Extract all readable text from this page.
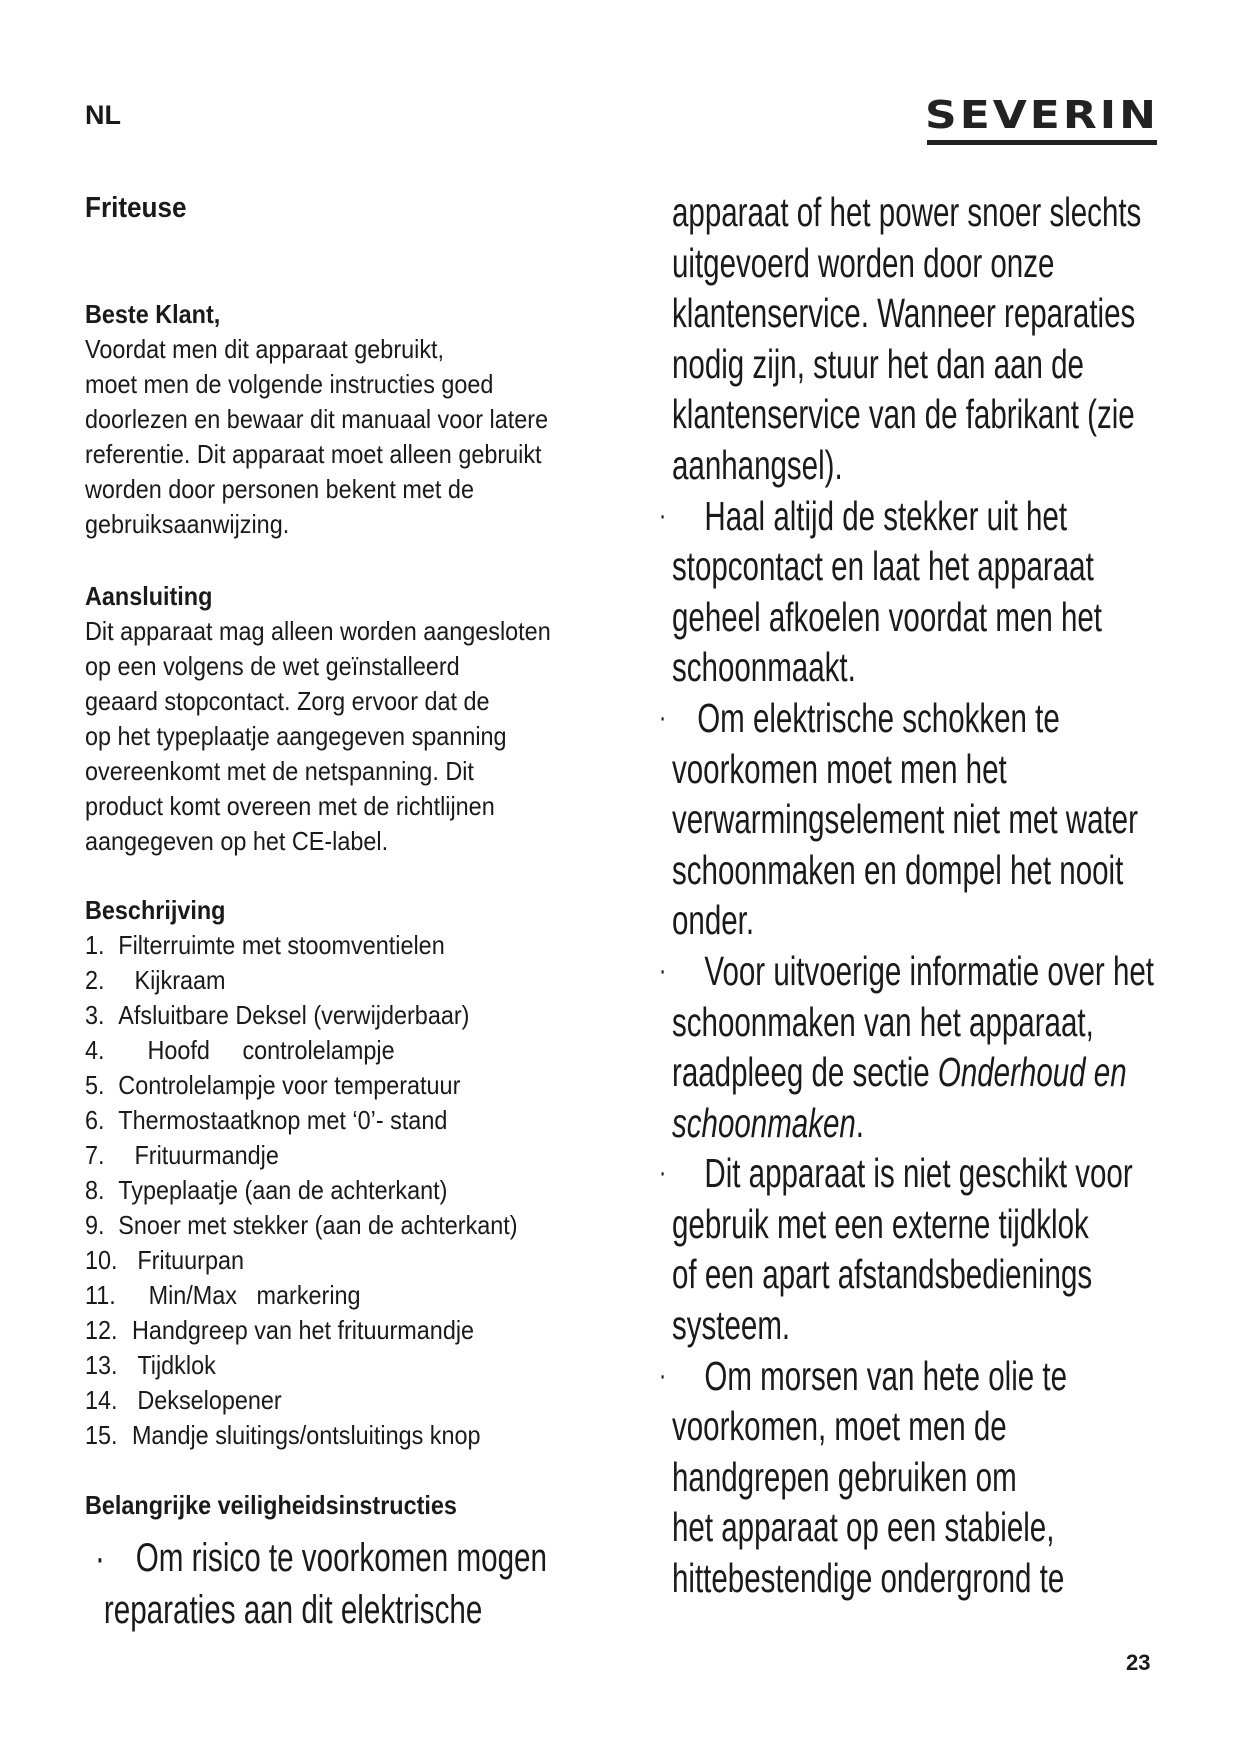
NL	SEVERIN
Friteuse
Beste Klant,
Voordat men dit apparaat gebruikt,
moet men de volgende instructies goed
doorlezen en bewaar dit manuaal voor latere
referentie. Dit apparaat moet alleen gebruikt
worden door personen bekent met de
gebruiksaanwijzing.
Aansluiting
Dit apparaat mag alleen worden aangesloten
op een volgens de wet geïnstalleerd
geaard stopcontact. Zorg ervoor dat de
op het typeplaatje aangegeven spanning
overeenkomt met de netspanning. Dit
product komt overeen met de richtlijnen
aangegeven op het CE-label.
Beschrijving
1. Filterruimte met stoomventielen
2.	Kijkraam
3. Afsluitbare Deksel (verwijderbaar)
4.	Hoofd     controlelampje
5. Controlelampje voor temperatuur
6. Thermostaatknop met ‘0’- stand
7.	Frituurmandje
8. Typeplaatje (aan de achterkant)
9. Snoer met stekker (aan de achterkant)
10. Frituurpan
11. Min/Max   markering
12. Handgreep van het frituurmandje
13. Tijdklok
14. Dekselopener
15. Mandje sluitings/ontsluitings knop
Belangrijke veiligheidsinstructies
· Om risico te voorkomen mogen
reparaties aan dit elektrische
apparaat of het power snoer slechts
uitgevoerd worden door onze
klantenservice. Wanneer reparaties
nodig zijn, stuur het dan aan de
klantenservice van de fabrikant (zie
aanhangsel).
· Haal altijd de stekker uit het
stopcontact en laat het apparaat
geheel afkoelen voordat men het
schoonmaakt.
· Om elektrische schokken te
voorkomen moet men het
verwarmingselement niet met water
schoonmaken en dompel het nooit
onder.
· Voor uitvoerige informatie over het
schoonmaken van het apparaat,
raadpleeg de sectie Onderhoud en
schoonmaken.
· Dit apparaat is niet geschikt voor
gebruik met een externe tijdklok
of een apart afstandsbedienings
systeem.
· Om morsen van hete olie te
voorkomen, moet men de
handgrepen gebruiken om
het apparaat op een stabiele,
hittebestendige ondergrond te
23
